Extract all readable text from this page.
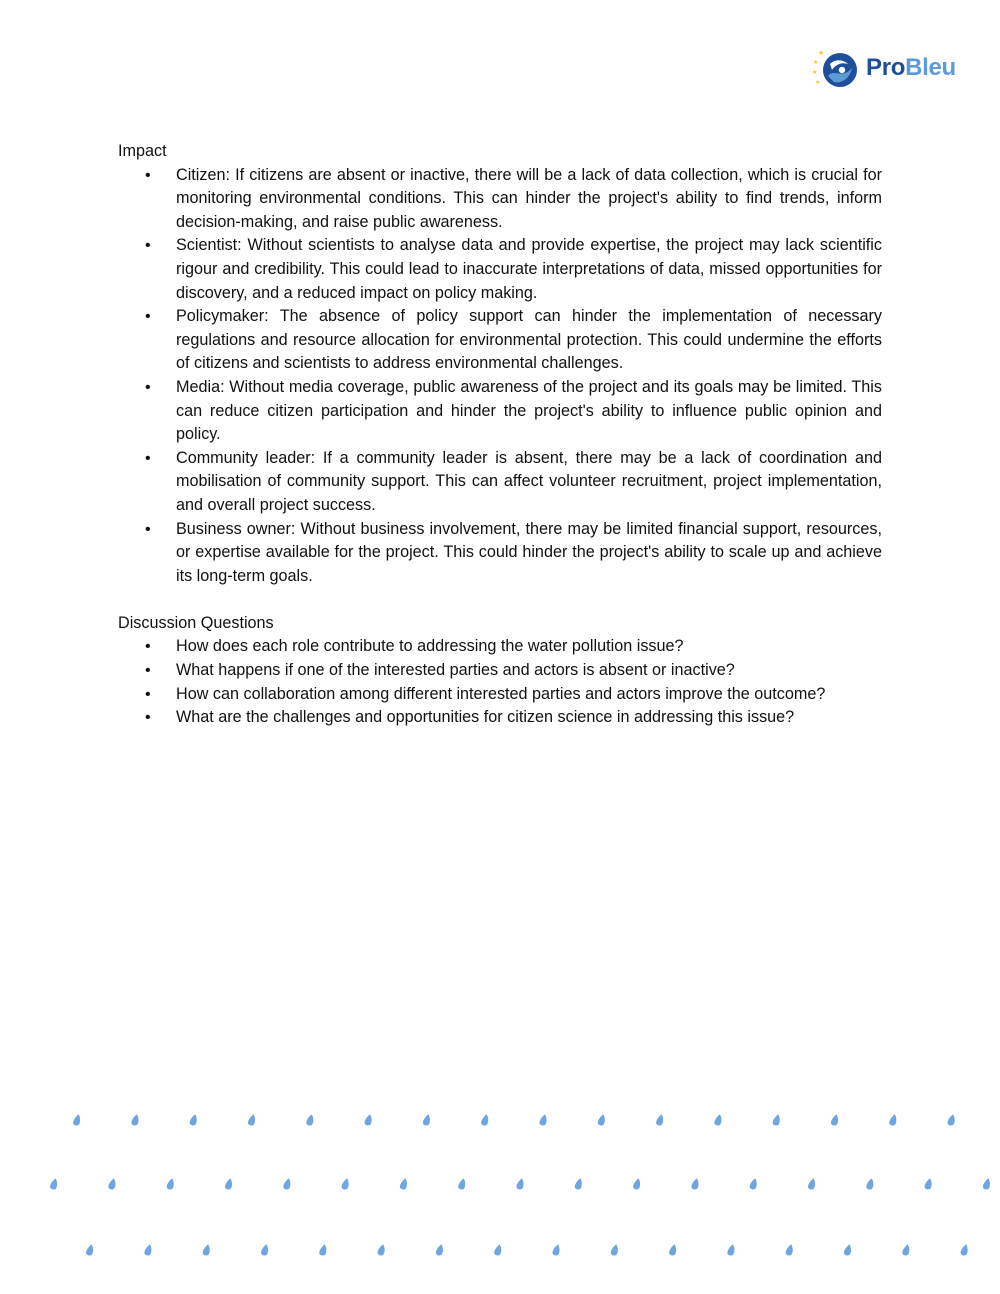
★
★
★
★
ProBleu

Impact

• Citizen: If citizens are absent or inactive, there will be a lack of data collection, which is crucial for monitoring environmental conditions. This can hinder the project's ability to find trends, inform decision-making, and raise public awareness.
• Scientist: Without scientists to analyse data and provide expertise, the project may lack scientific rigour and credibility. This could lead to inaccurate interpretations of data, missed opportunities for discovery, and a reduced impact on policy making.
• Policymaker: The absence of policy support can hinder the implementation of necessary regulations and resource allocation for environmental protection. This could undermine the efforts of citizens and scientists to address environmental challenges.
• Media: Without media coverage, public awareness of the project and its goals may be limited. This can reduce citizen participation and hinder the project's ability to influence public opinion and policy.
• Community leader: If a community leader is absent, there may be a lack of coordination and mobilisation of community support. This can affect volunteer recruitment, project implementation, and overall project success.
• Business owner: Without business involvement, there may be limited financial support, resources, or expertise available for the project. This could hinder the project's ability to scale up and achieve its long-term goals.

Discussion Questions

• How does each role contribute to addressing the water pollution issue?
• What happens if one of the interested parties and actors is absent or inactive?
• How can collaboration among different interested parties and actors improve the outcome?
• What are the challenges and opportunities for citizen science in addressing this issue?
